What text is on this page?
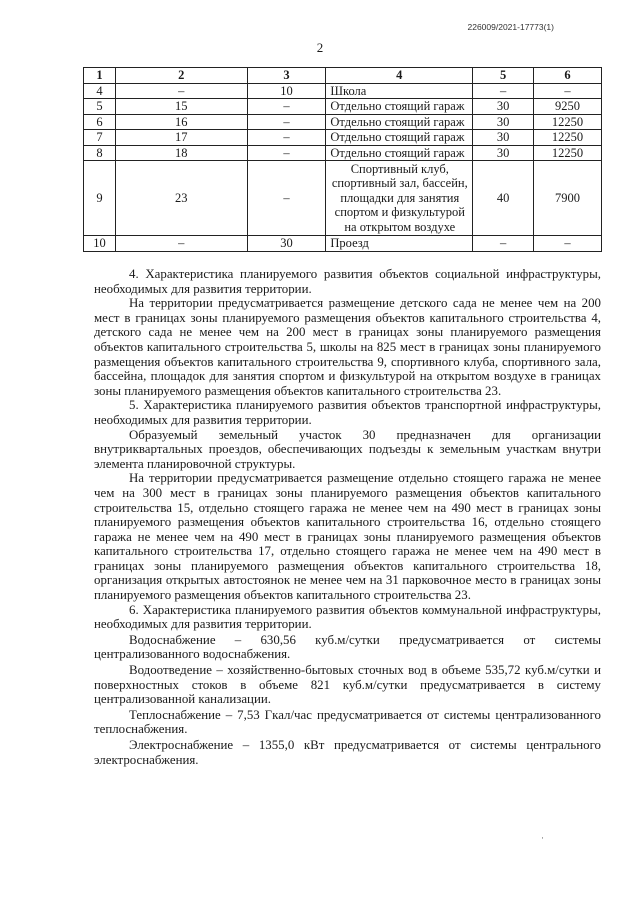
226009/2021-17773(1)
2
1	2	3	4	5	6
4	–	10	Школа	–	–
5	15	–	Отдельно стоящий гараж	30	9250
6	16	–	Отдельно стоящий гараж	30	12250
7	17	–	Отдельно стоящий гараж	30	12250
8	18	–	Отдельно стоящий гараж	30	12250
9	23	–	Спортивный клуб, спортивный зал, бассейн, площадки для занятия спортом и физкультурой на открытом воздухе	40	7900
10	–	30	Проезд	–	–

4. Характеристика планируемого развития объектов социальной инфраструктуры, необходимых для развития территории.

На территории предусматривается размещение детского сада не менее чем на 200 мест в границах зоны планируемого размещения объектов капитального строительства 4, детского сада не менее чем на 200 мест в границах зоны планируемого размещения объектов капитального строительства 5, школы на 825 мест в границах зоны планируемого размещения объектов капитального строительства 9, спортивного клуба, спортивного зала, бассейна, площадок для занятия спортом и физкультурой на открытом воздухе в границах зоны планируемого размещения объектов капитального строительства 23.

5. Характеристика планируемого развития объектов транспортной инфраструктуры, необходимых для развития территории.

Образуемый земельный участок 30 предназначен для организации внутриквартальных проездов, обеспечивающих подъезды к земельным участкам внутри элемента планировочной структуры.

На территории предусматривается размещение отдельно стоящего гаража не менее чем на 300 мест в границах зоны планируемого размещения объектов капитального строительства 15, отдельно стоящего гаража не менее чем на 490 мест в границах зоны планируемого размещения объектов капитального строительства 16, отдельно стоящего гаража не менее чем на 490 мест в границах зоны планируемого размещения объектов капитального строительства 17, отдельно стоящего гаража не менее чем на 490 мест в границах зоны планируемого размещения объектов капитального строительства 18, организация открытых автостоянок не менее чем на 31 парковочное место в границах зоны планируемого размещения объектов капитального строительства 23.

6. Характеристика планируемого развития объектов коммунальной инфраструктуры, необходимых для развития территории.

Водоснабжение – 630,56 куб.м/сутки предусматривается от системы централизованного водоснабжения.

Водоотведение – хозяйственно-бытовых сточных вод в объеме 535,72 куб.м/сутки и поверхностных стоков в объеме 821 куб.м/сутки предусматривается в систему централизованной канализации.

Теплоснабжение – 7,53 Гкал/час предусматривается от системы централизованного теплоснабжения.

Электроснабжение – 1355,0 кВт предусматривается от системы центрального электроснабжения.

·
